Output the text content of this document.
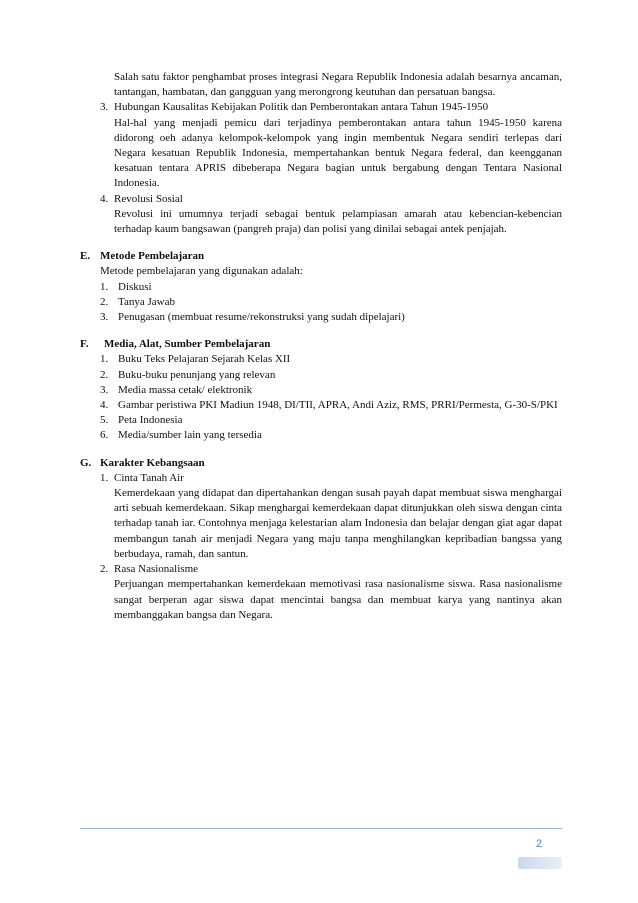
Salah satu faktor penghambat proses integrasi Negara Republik Indonesia adalah besarnya ancaman, tantangan, hambatan, dan gangguan yang merongrong keutuhan dan persatuan bangsa.
3. Hubungan Kausalitas Kebijakan Politik dan Pemberontakan antara Tahun 1945-1950
Hal-hal yang menjadi pemicu dari terjadinya pemberontakan antara tahun 1945-1950 karena didorong oeh adanya kelompok-kelompok yang ingin membentuk Negara sendiri terlepas dari Negara kesatuan Republik Indonesia, mempertahankan bentuk Negara federal, dan keengganan kesatuan tentara APRIS dibeberapa Negara bagian untuk bergabung dengan Tentara Nasional Indonesia.
4. Revolusi Sosial
Revolusi ini umumnya terjadi sebagai bentuk pelampiasan amarah atau kebencian-kebencian terhadap kaum bangsawan (pangreh praja) dan polisi yang dinilai sebagai antek penjajah.
E. Metode Pembelajaran
Metode pembelajaran yang digunakan adalah:
1. Diskusi
2. Tanya Jawab
3. Penugasan (membuat resume/rekonstruksi yang sudah dipelajari)
F. Media, Alat, Sumber Pembelajaran
1. Buku Teks Pelajaran Sejarah Kelas XII
2. Buku-buku penunjang yang relevan
3. Media massa cetak/ elektronik
4. Gambar peristiwa PKI Madiun 1948, DI/TII, APRA, Andi Aziz, RMS, PRRI/Permesta, G-30-S/PKI
5. Peta Indonesia
6. Media/sumber lain yang tersedia
G. Karakter Kebangsaan
1. Cinta Tanah Air
Kemerdekaan yang didapat dan dipertahankan dengan susah payah dapat membuat siswa menghargai arti sebuah kemerdekaan. Sikap menghargai kemerdekaan dapat ditunjukkan oleh siswa dengan cinta terhadap tanah iar. Contohnya menjaga kelestarian alam Indonesia dan belajar dengan giat agar dapat membangun tanah air menjadi Negara yang maju tanpa menghilangkan kepribadian bangssa yang berbudaya, ramah, dan santun.
2. Rasa Nasionalisme
Perjuangan mempertahankan kemerdekaan memotivasi rasa nasionalisme siswa. Rasa nasionalisme sangat berperan agar siswa dapat mencintai bangsa dan membuat karya yang nantinya akan membanggakan bangsa dan Negara.
2
